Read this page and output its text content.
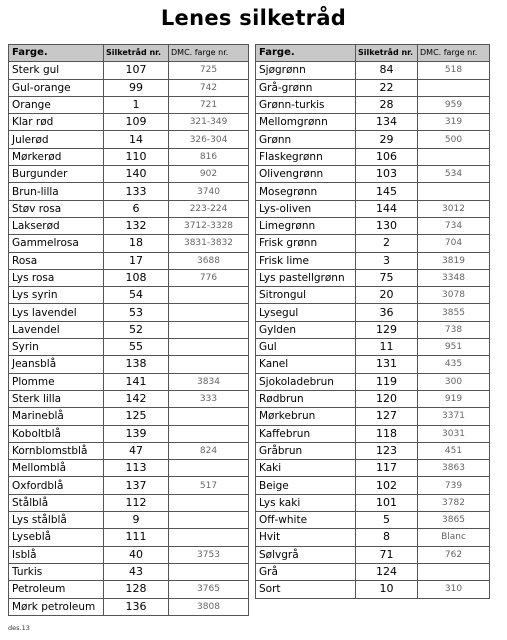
Lenes silketråd
Farge.	Silketråd nr.	DMC. farge nr.
Sterk gul	107	725
Gul-orange	99	742
Orange	1	721
Klar rød	109	321-349
Julerød	14	326-304
Mørkerød	110	816
Burgunder	140	902
Brun-lilla	133	3740
Støv rosa	6	223-224
Lakserød	132	3712-3328
Gammelrosa	18	3831-3832
Rosa	17	3688
Lys rosa	108	776
Lys syrin	54	
Lys lavendel	53	
Lavendel	52	
Syrin	55	
Jeansblå	138	
Plomme	141	3834
Sterk lilla	142	333
Marineblå	125	
Koboltblå	139	
Kornblomstblå	47	824
Mellomblå	113	
Oxfordblå	137	517
Stålblå	112	
Lys stålblå	9	
Lyseblå	111	
Isblå	40	3753
Turkis	43	
Petroleum	128	3765
Mørk petroleum	136	3808
Farge.	Silketråd nr.	DMC. farge nr.
Sjøgrønn	84	518
Grå-grønn	22	
Grønn-turkis	28	959
Mellomgrønn	134	319
Grønn	29	500
Flaskegrønn	106	
Olivengrønn	103	534
Mosegrønn	145	
Lys-oliven	144	3012
Limegrønn	130	734
Frisk grønn	2	704
Frisk lime	3	3819
Lys pastellgrønn	75	3348
Sitrongul	20	3078
Lysegul	36	3855
Gylden	129	738
Gul	11	951
Kanel	131	435
Sjokoladebrun	119	300
Rødbrun	120	919
Mørkebrun	127	3371
Kaffebrun	118	3031
Gråbrun	123	451
Kaki	117	3863
Beige	102	739
Lys kaki	101	3782
Off-white	5	3865
Hvit	8	Blanc
Sølvgrå	71	762
Grå	124	
Sort	10	310
des.13
